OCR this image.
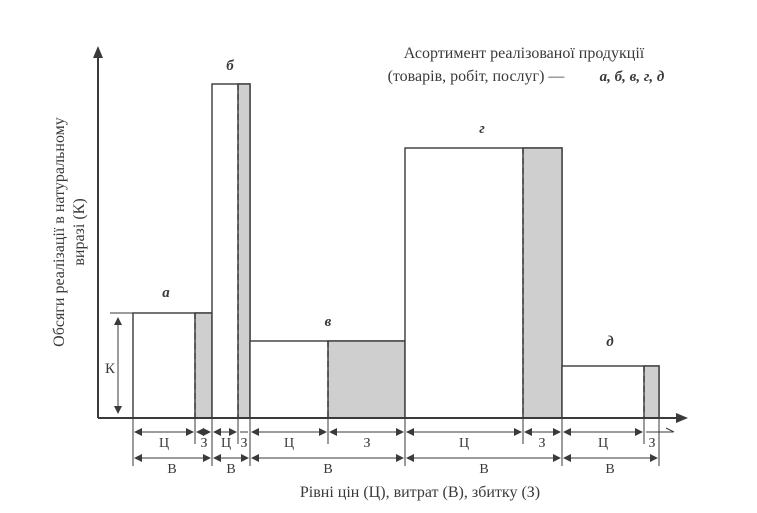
Асортимент реалізованої продукції
(товарів, робіт, послуг) — а, б, в, г, д
Обсяги реалізації в натуральному виразі (К)
а
б
в
г
д
К
Ц З Ц З	Ц	З	Ц	З	Ц	З
В	В	В	В	В
Рівні цін (Ц), витрат (В), збитку (З)
